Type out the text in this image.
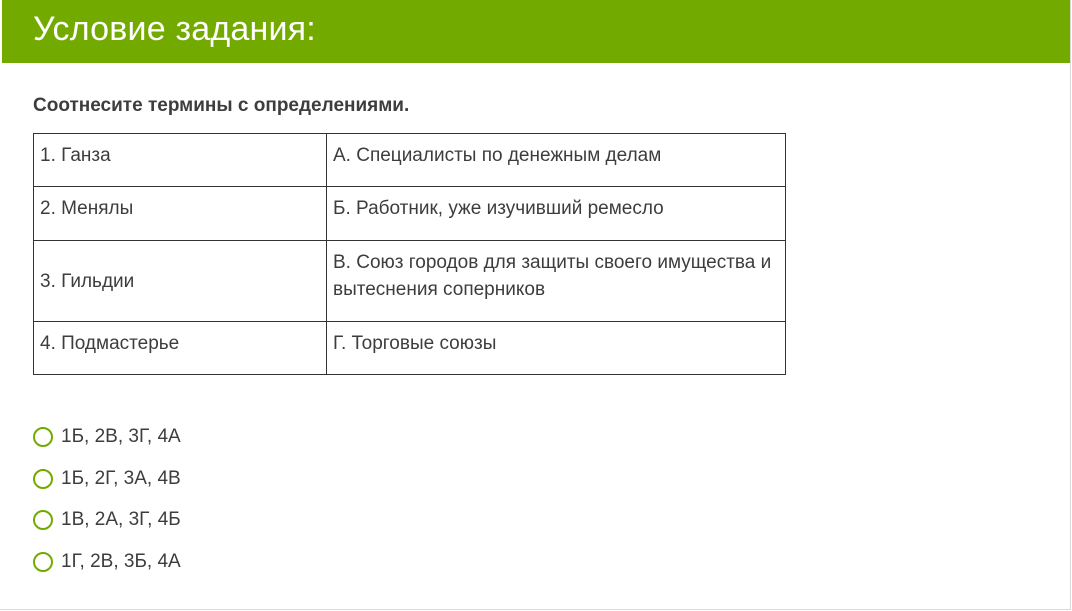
Условие задания:
Соотнесите термины с определениями.
1. Ганза	А. Специалисты по денежным делам
2. Менялы	Б. Работник, уже изучивший ремесло
3. Гильдии	В. Союз городов для защиты своего имущества и вытеснения соперников
4. Подмастерье	Г. Торговые союзы
1Б, 2В, 3Г, 4А
1Б, 2Г, 3А, 4В
1В, 2А, 3Г, 4Б
1Г, 2В, 3Б, 4А
